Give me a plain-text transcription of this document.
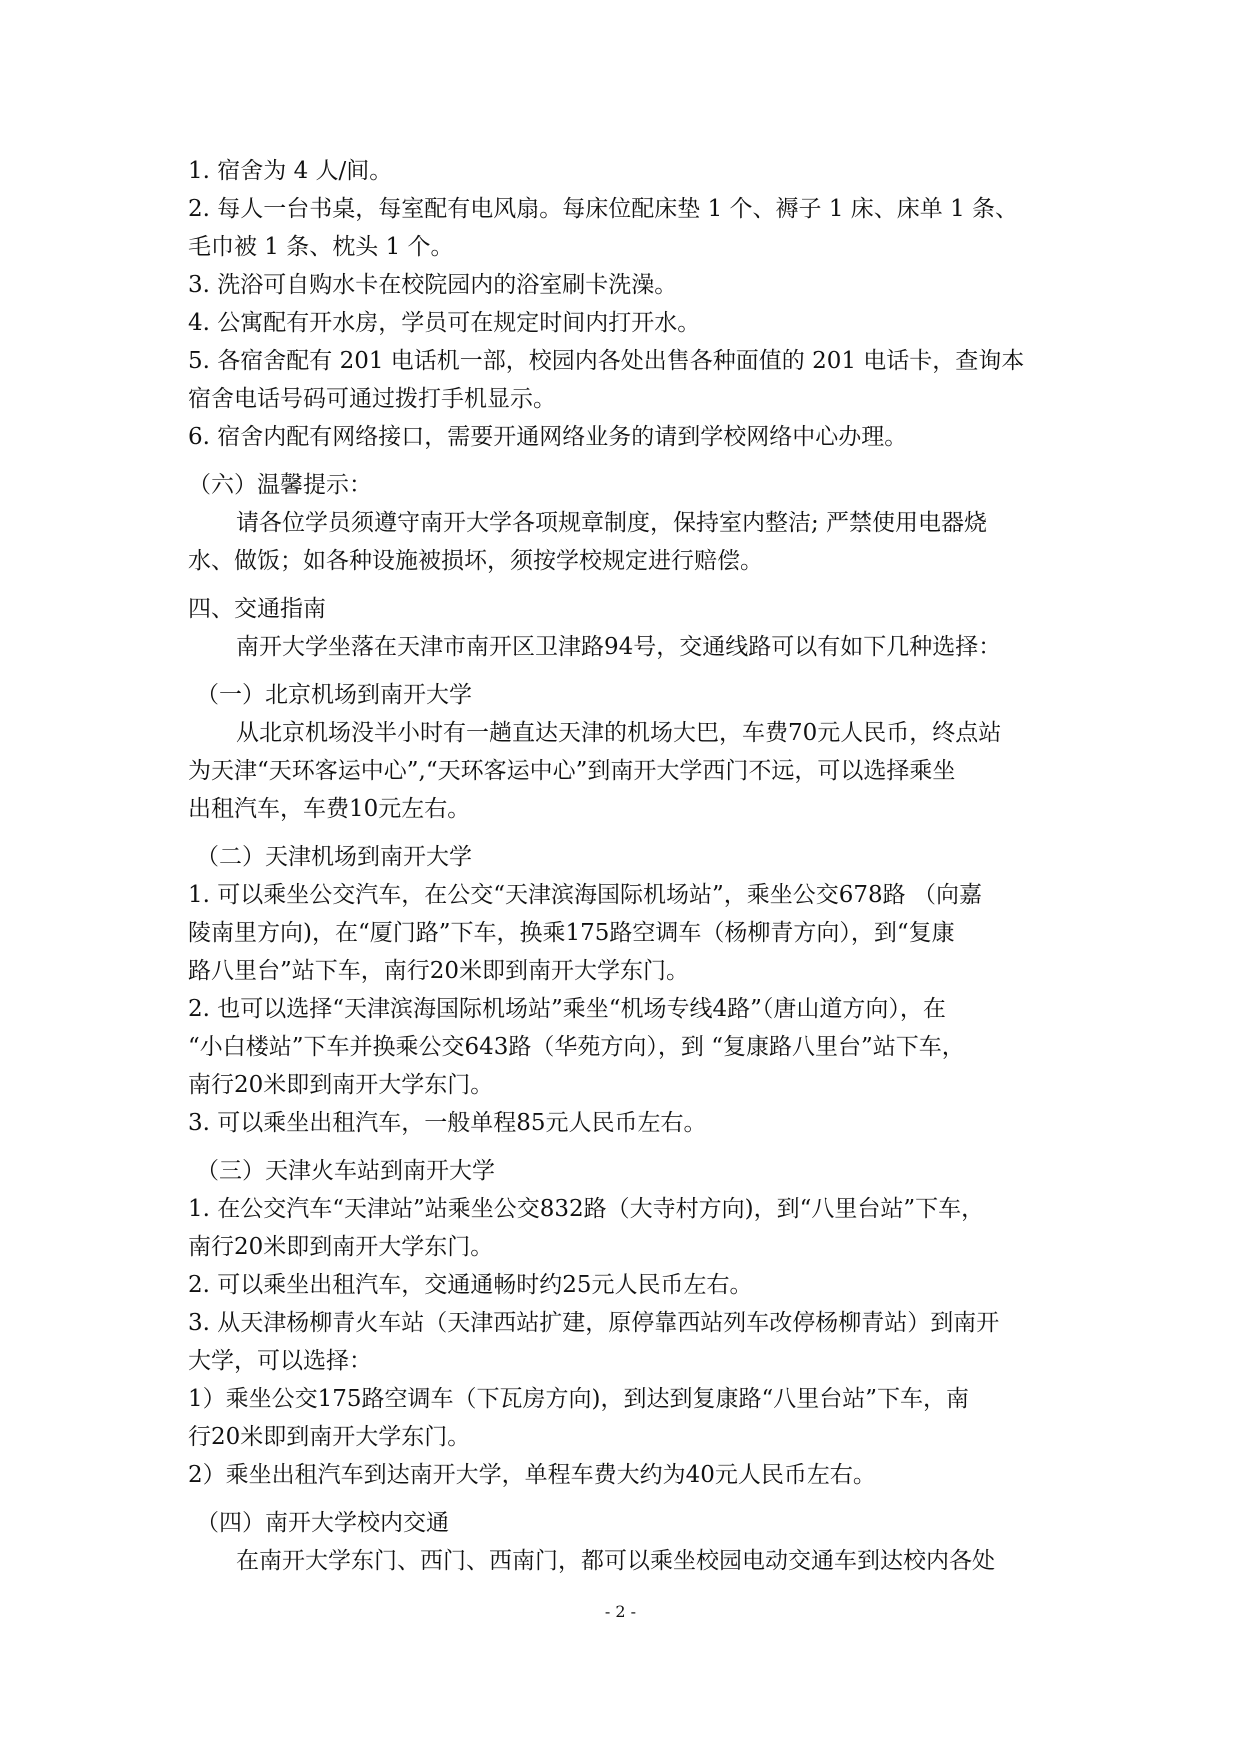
1. 宿舍为 4 人/间。
2. 每人一台书桌，每室配有电风扇。每床位配床垫 1 个、褥子 1 床、床单 1 条、
毛巾被 1 条、枕头 1 个。
3. 洗浴可自购水卡在校院园内的浴室刷卡洗澡。
4. 公寓配有开水房，学员可在规定时间内打开水。
5. 各宿舍配有 201 电话机一部，校园内各处出售各种面值的 201 电话卡，查询本
宿舍电话号码可通过拨打手机显示。
6. 宿舍内配有网络接口，需要开通网络业务的请到学校网络中心办理。
（六）温馨提示：
请各位学员须遵守南开大学各项规章制度，保持室内整洁; 严禁使用电器烧
水、做饭；如各种设施被损坏，须按学校规定进行赔偿。
四、交通指南
南开大学坐落在天津市南开区卫津路94号，交通线路可以有如下几种选择：
（一）北京机场到南开大学
从北京机场没半小时有一趟直达天津的机场大巴，车费70元人民币，终点站
为天津“天环客运中心”,“天环客运中心”到南开大学西门不远，可以选择乘坐
出租汽车，车费10元左右。
（二）天津机场到南开大学
1. 可以乘坐公交汽车，在公交“天津滨海国际机场站”，乘坐公交678路 （向嘉
陵南里方向)，在“厦门路”下车，换乘175路空调车（杨柳青方向），到“复康
路八里台”站下车，南行20米即到南开大学东门。
2. 也可以选择“天津滨海国际机场站”乘坐“机场专线4路”（唐山道方向），在
“小白楼站”下车并换乘公交643路（华苑方向），到 “复康路八里台”站下车，
南行20米即到南开大学东门。
3. 可以乘坐出租汽车，一般单程85元人民币左右。
（三）天津火车站到南开大学
1. 在公交汽车“天津站”站乘坐公交832路（大寺村方向)，到“八里台站”下车，
南行20米即到南开大学东门。
2. 可以乘坐出租汽车，交通通畅时约25元人民币左右。
3. 从天津杨柳青火车站（天津西站扩建，原停靠西站列车改停杨柳青站）到南开
大学，可以选择：
1）乘坐公交175路空调车（下瓦房方向)，到达到复康路“八里台站”下车，南
行20米即到南开大学东门。
2）乘坐出租汽车到达南开大学，单程车费大约为40元人民币左右。
（四）南开大学校内交通
在南开大学东门、西门、西南门，都可以乘坐校园电动交通车到达校内各处
- 2 -
